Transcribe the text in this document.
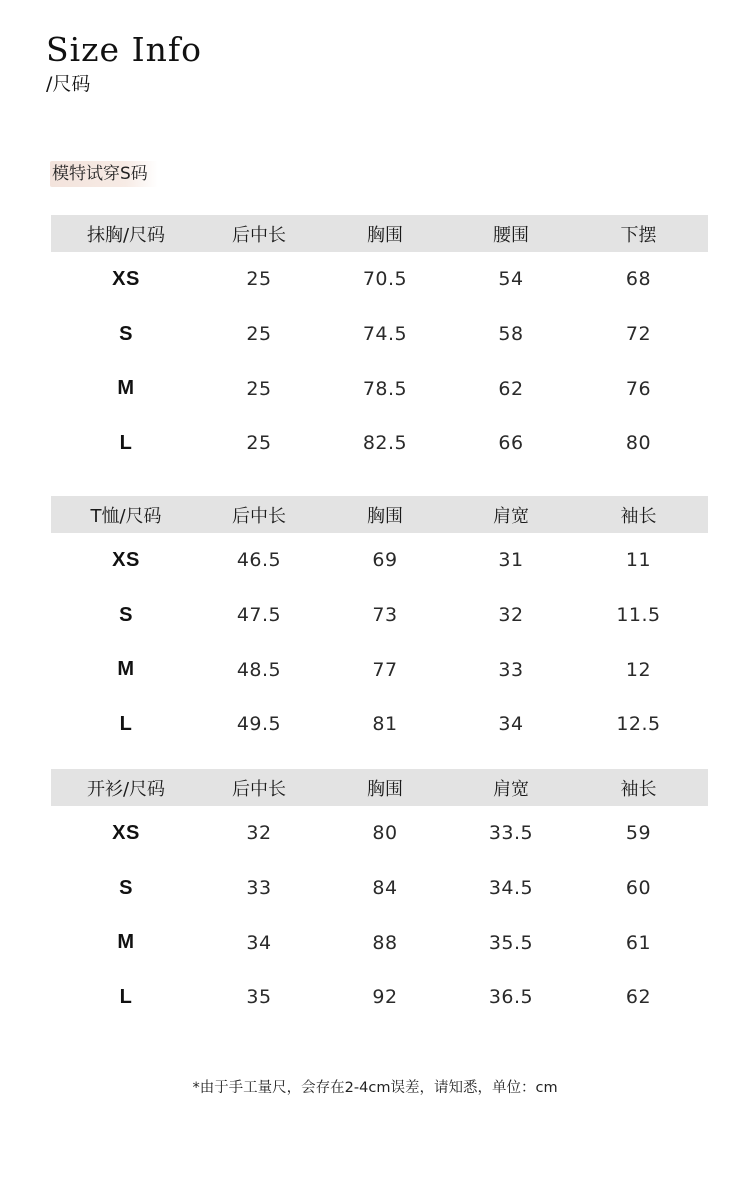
Size Info
/尺码
模特试穿S码
抹胸/尺码	后中长	胸围	腰围	下摆
XS	25	70.5	54	68
S	25	74.5	58	72
M	25	78.5	62	76
L	25	82.5	66	80
T恤/尺码	后中长	胸围	肩宽	袖长
XS	46.5	69	31	11
S	47.5	73	32	11.5
M	48.5	77	33	12
L	49.5	81	34	12.5
开衫/尺码	后中长	胸围	肩宽	袖长
XS	32	80	33.5	59
S	33	84	34.5	60
M	34	88	35.5	61
L	35	92	36.5	62
*由于手工量尺，会存在2-4cm误差，请知悉，单位：cm
